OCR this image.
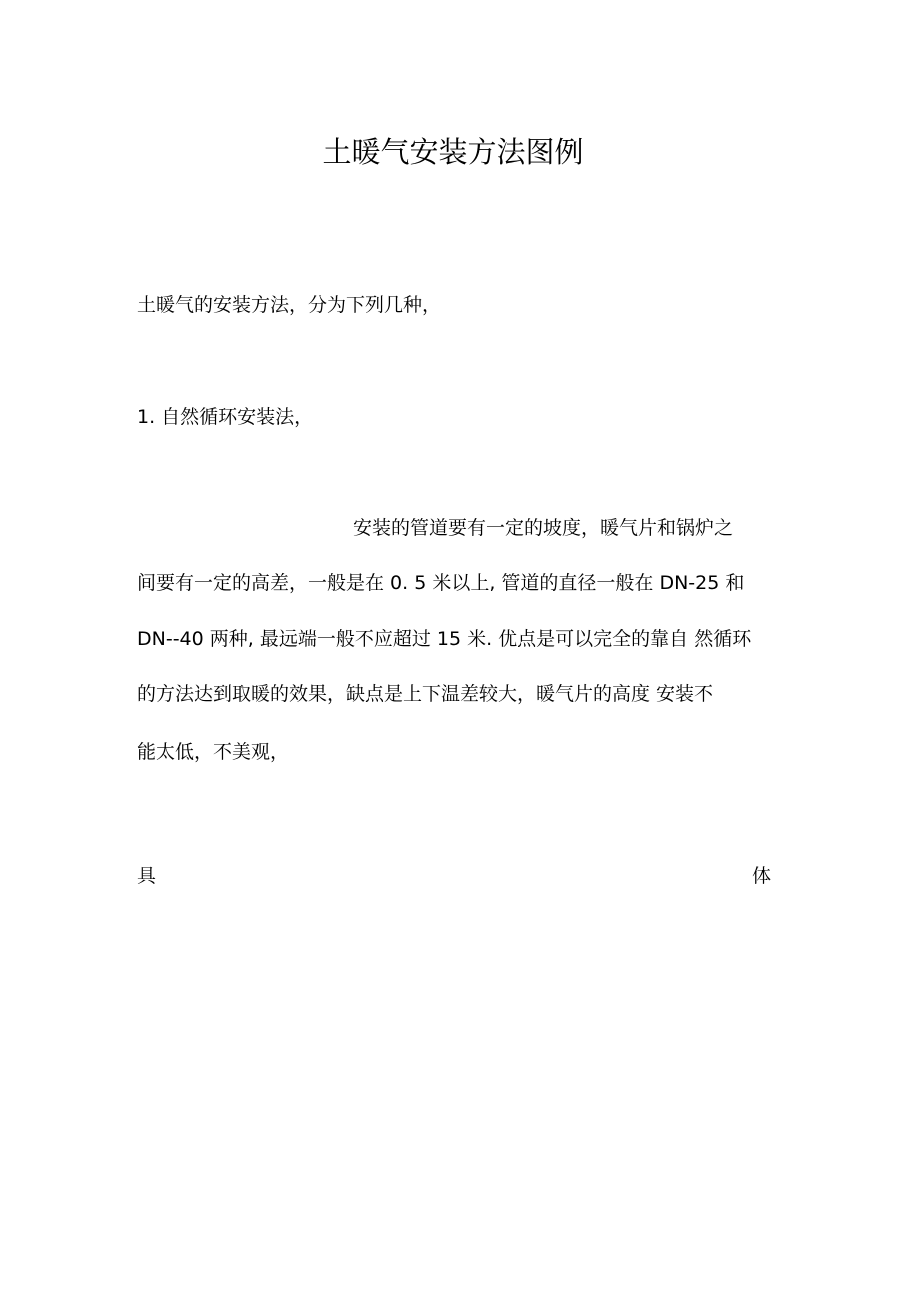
土暖气安装方法图例
土暖气的安装方法，分为下列几种，
1. 自然循环安装法，
安装的管道要有一定的坡度，暖气片和锅炉之
间要有一定的高差，一般是在 0. 5 米以上, 管道的直径一般在 DN-25 和
DN--40 两种, 最远端一般不应超过 15 米. 优点是可以完全的靠自 然循环
的方法达到取暖的效果，缺点是上下温差较大，暖气片的高度 安装不
能太低，不美观，
具	体
